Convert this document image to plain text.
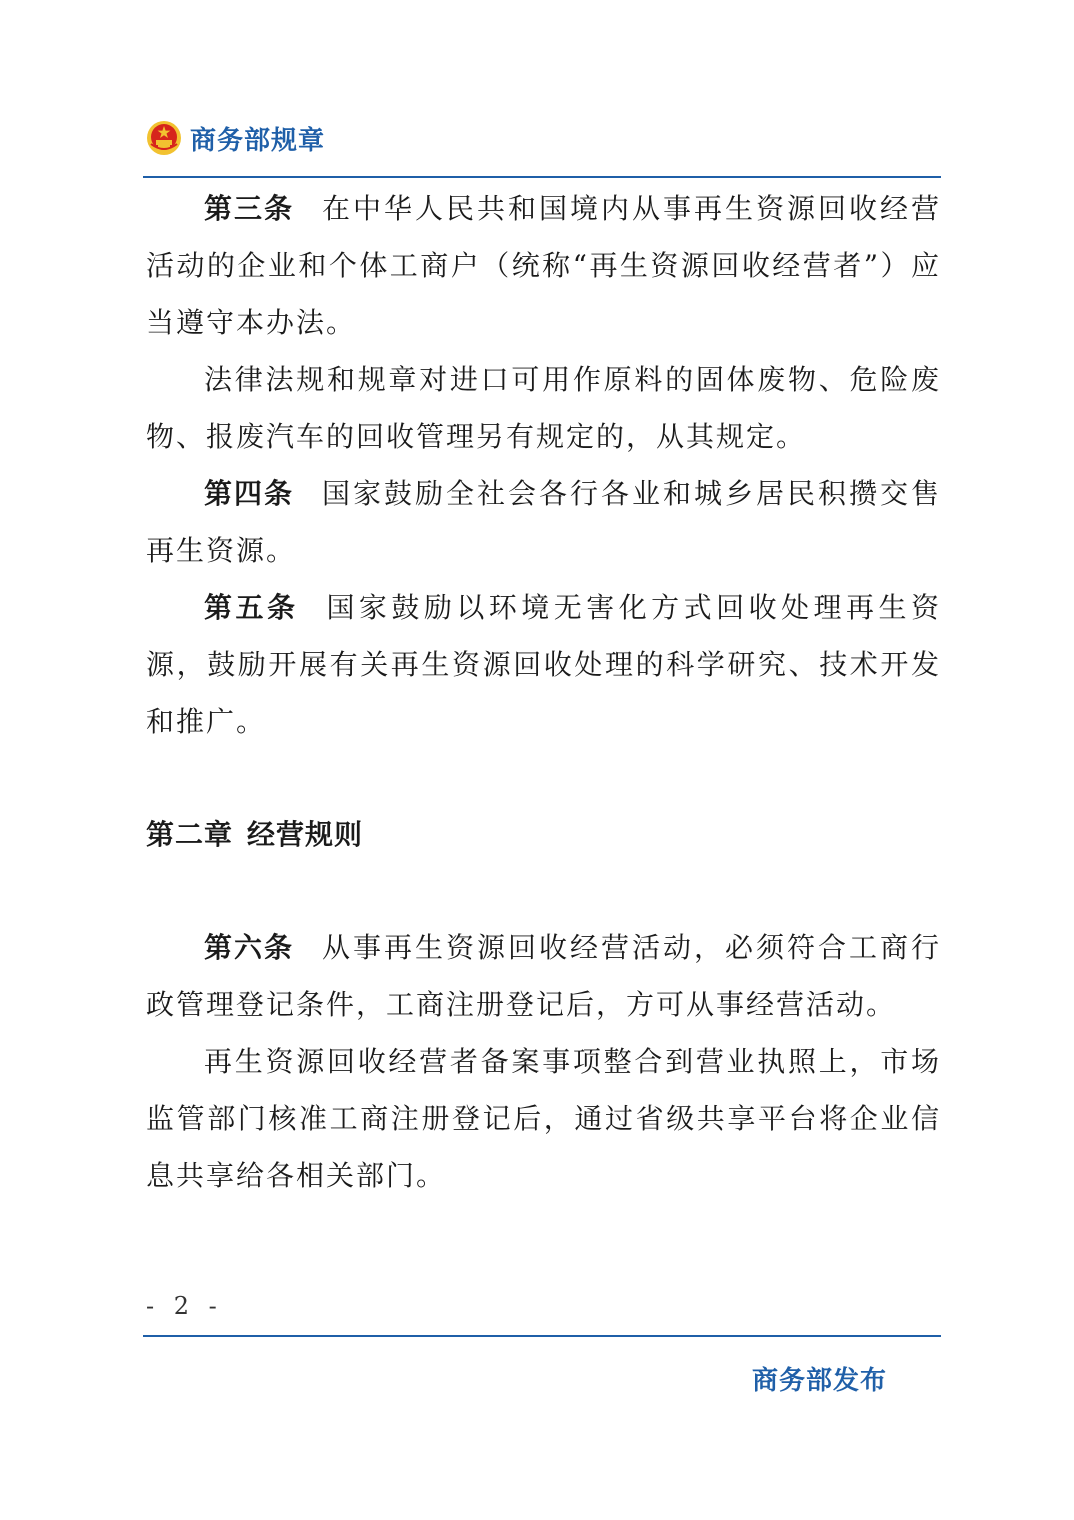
商务部规章

第三条 在中华人民共和国境内从事再生资源回收经营活动的企业和个体工商户（统称“再生资源回收经营者”）应当遵守本办法。

法律法规和规章对进口可用作原料的固体废物、危险废物、报废汽车的回收管理另有规定的，从其规定。

第四条 国家鼓励全社会各行各业和城乡居民积攒交售再生资源。

第五条 国家鼓励以环境无害化方式回收处理再生资源，鼓励开展有关再生资源回收处理的科学研究、技术开发和推广。

第二章 经营规则

第六条 从事再生资源回收经营活动，必须符合工商行政管理登记条件，工商注册登记后，方可从事经营活动。

再生资源回收经营者备案事项整合到营业执照上，市场监管部门核准工商注册登记后，通过省级共享平台将企业信息共享给各相关部门。

- 2 -
商务部发布
